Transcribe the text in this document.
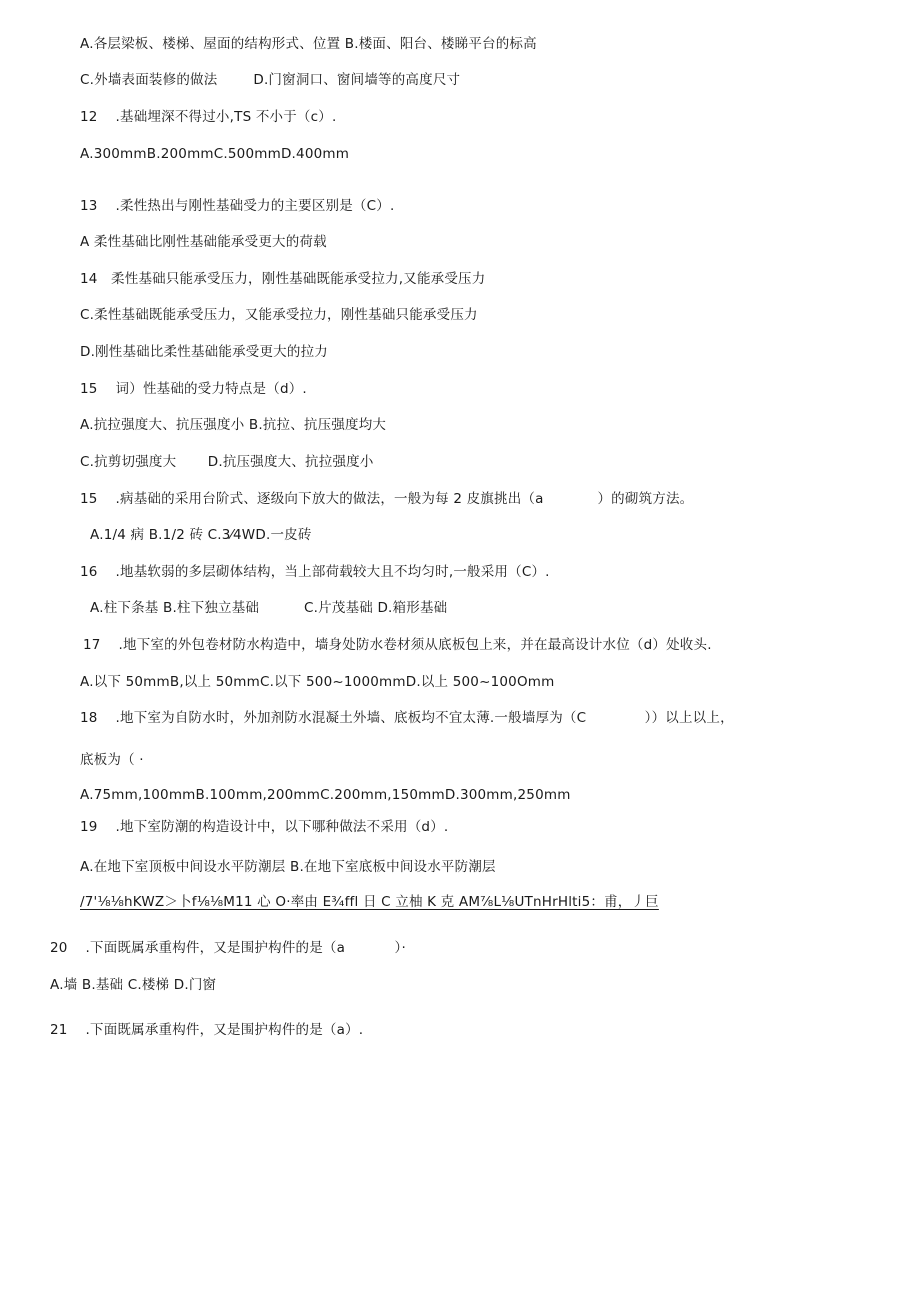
A.各层梁板、楼梯、屋面的结构形式、位置 B.楼面、阳台、楼睇平台的标高
C.外墙表面装修的做法        D.门窗洞口、窗间墙等的高度尺寸
12    .基础埋深不得过小,TS 不小于（c）.
A.300mmB.200mmC.500mmD.400mm
13    .柔性热出与刚性基础受力的主要区别是（C）.
A 柔性基础比刚性基础能承受更大的荷载
14   柔性基础只能承受压力，刚性基础既能承受拉力,又能承受压力
C.柔性基础既能承受压力，又能承受拉力，刚性基础只能承受压力
D.刚性基础比柔性基础能承受更大的拉力
15    词）性基础的受力特点是（d）.
A.抗拉强度大、抗压强度小 B.抗拉、抗压强度均大
C.抗剪切强度大       D.抗压强度大、抗拉强度小
15    .病基础的采用台阶式、逐级向下放大的做法，一般为每 2 皮旗挑出（a            ）的砌筑方法。
A.1/4 病 B.1/2 砖 C.3⁄4WD.一皮砖
16    .地基软弱的多层砌体结构，当上部荷载较大且不均匀时,一般采用（C）.
A.柱下条基 B.柱下独立基础          C.片茂基础 D.箱形基础
17    .地下室的外包卷材防水构造中，墙身处防水卷材须从底板包上来，并在最高设计水位（d）处收头.
A.以下 50mmB,以上 50mmC.以下 500~1000mmD.以上 500~100Omm
18    .地下室为自防水时，外加剂防水混凝土外墙、底板均不宜太薄.一般墙厚为（C             ））以上以上，
底板为（ ·
A.75mm,100mmB.100mm,200mmC.200mm,150mmD.300mm,250mm
19    .地下室防潮的构造设计中，以下哪种做法不采用（d）.
A.在地下室顶板中间设水平防潮层 B.在地下室底板中间设水平防潮层
/7'⅛⅛hKWZ＞卜f⅛⅛M11 心 O·率由 E¾ffl 日 C 立柚 K 克 AM⅞L⅛UTnHrHlti5：甫，丿巨
20    .下面既属承重构件，又是围护构件的是（a           ）·
A.墙 B.基础 C.楼梯 D.门窗
21    .下面既属承重构件，又是围护构件的是（a）.
